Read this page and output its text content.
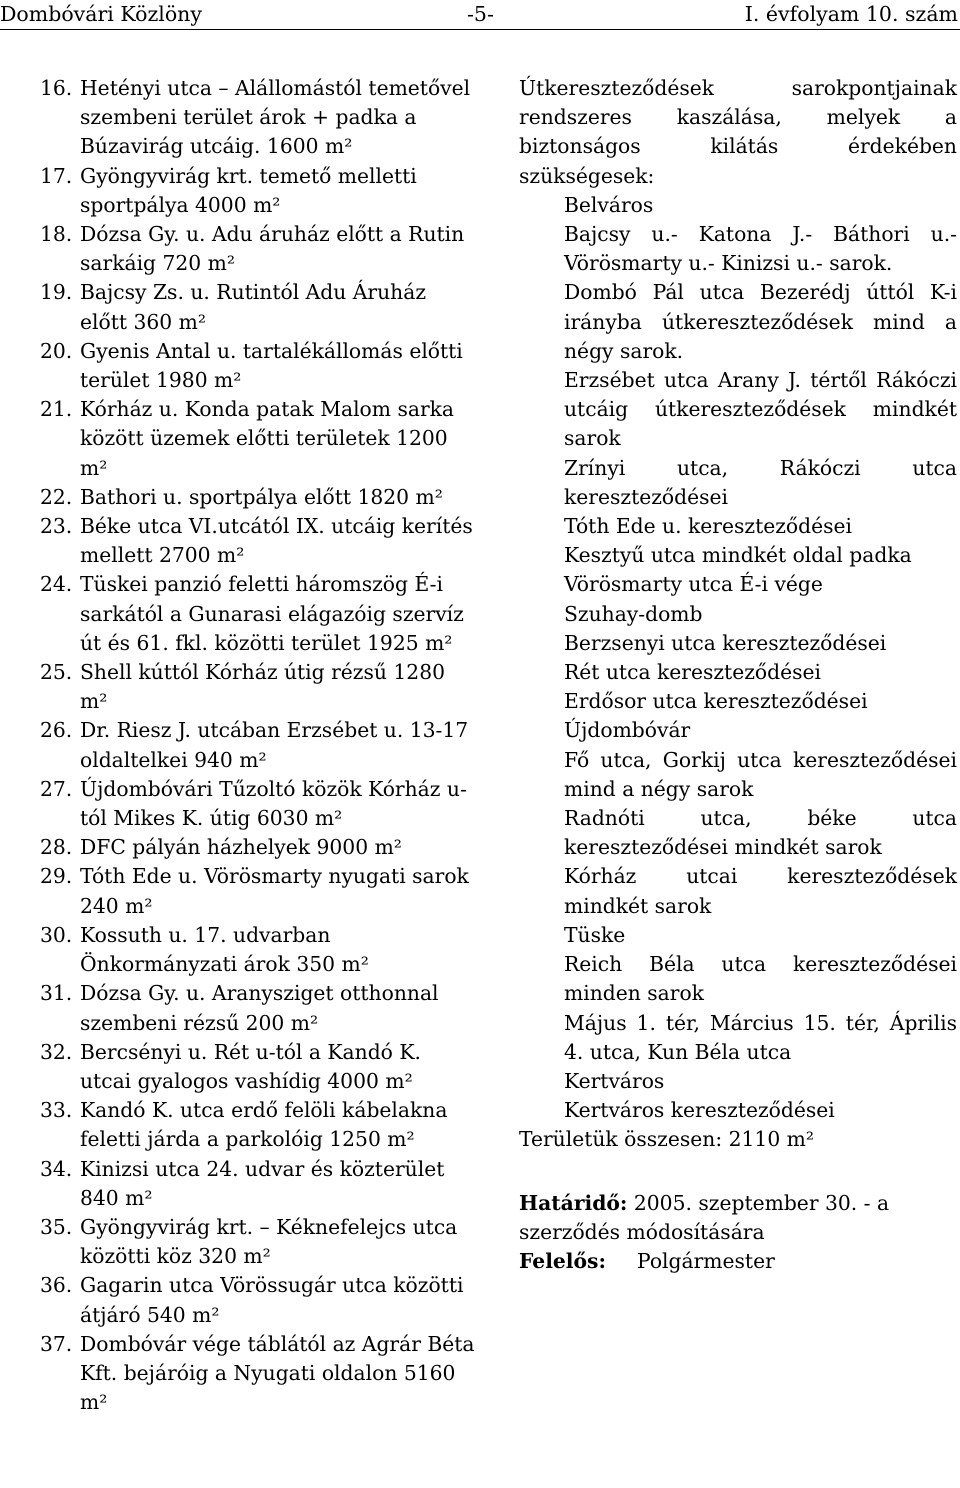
Dombóvári Közlöny	-5-	I. évfolyam 10. szám
16. Hetényi utca – Alállomástól temetővel szembeni terület árok + padka a Búzavirág utcáig. 1600 m²
17. Gyöngyvirág krt. temető melletti sportpálya 4000 m²
18. Dózsa Gy. u. Adu áruház előtt a Rutin sarkáig 720 m²
19. Bajcsy Zs. u. Rutintól Adu Áruház előtt 360 m²
20. Gyenis Antal u. tartalékállomás előtti terület 1980 m²
21. Kórház u. Konda patak Malom sarka között üzemek előtti területek 1200 m²
22. Bathori u. sportpálya előtt 1820 m²
23. Béke utca VI.utcától IX. utcáig kerítés mellett 2700 m²
24. Tüskei panzió feletti háromszög É-i sarkától a Gunarasi elágazóig szervíz út és 61. fkl. közötti terület 1925 m²
25. Shell kúttól Kórház útig rézsű 1280 m²
26. Dr. Riesz J. utcában Erzsébet u. 13-17 oldaltelkei 940 m²
27. Újdombóvári Tűzoltó közök Kórház u-tól Mikes K. útig 6030 m²
28. DFC pályán házhelyek 9000 m²
29. Tóth Ede u. Vörösmarty nyugati sarok 240 m²
30. Kossuth u. 17. udvarban Önkormányzati árok 350 m²
31. Dózsa Gy. u. Aranysziget otthonnal szembeni rézsű 200 m²
32. Bercsényi u. Rét u-tól a Kandó K. utcai gyalogos vashídig 4000 m²
33. Kandó K. utca erdő felöli kábelakna feletti járda a parkolóig 1250 m²
34. Kinizsi utca 24. udvar és közterület 840 m²
35. Gyöngyvirág krt. – Kéknefelejcs utca közötti köz 320 m²
36. Gagarin utca Vörössugár utca közötti átjáró 540 m²
37. Dombóvár vége táblától az Agrár Béta Kft. bejáróig a Nyugati oldalon 5160 m²

Útkereszteződések sarokpontjainak rendszeres kaszálása, melyek a biztonságos kilátás érdekében szükségesek:

Belváros

Bajcsy u.- Katona J.- Báthori u.- Vörösmarty u.- Kinizsi u.- sarok.

Dombó Pál utca Bezerédj úttól K-i irányba útkereszteződések mind a négy sarok.

Erzsébet utca Arany J. tértől Rákóczi utcáig útkereszteződések mindkét sarok

Zrínyi utca, Rákóczi utca kereszteződései

Tóth Ede u. kereszteződései

Kesztyű utca mindkét oldal padka

Vörösmarty utca É-i vége

Szuhay-domb

Berzsenyi utca kereszteződései

Rét utca kereszteződései

Erdősor utca kereszteződései

Újdombóvár

Fő utca, Gorkij utca kereszteződései mind a négy sarok

Radnóti utca, béke utca kereszteződései mindkét sarok

Kórház utcai kereszteződések mindkét sarok

Tüske

Reich Béla utca kereszteződései minden sarok

Május 1. tér, Március 15. tér, Április 4. utca, Kun Béla utca

Kertváros

Kertváros kereszteződései

Területük összesen: 2110 m²

Határidő: 2005. szeptember 30. - a szerződés módosítására

Felelős:	Polgármester
